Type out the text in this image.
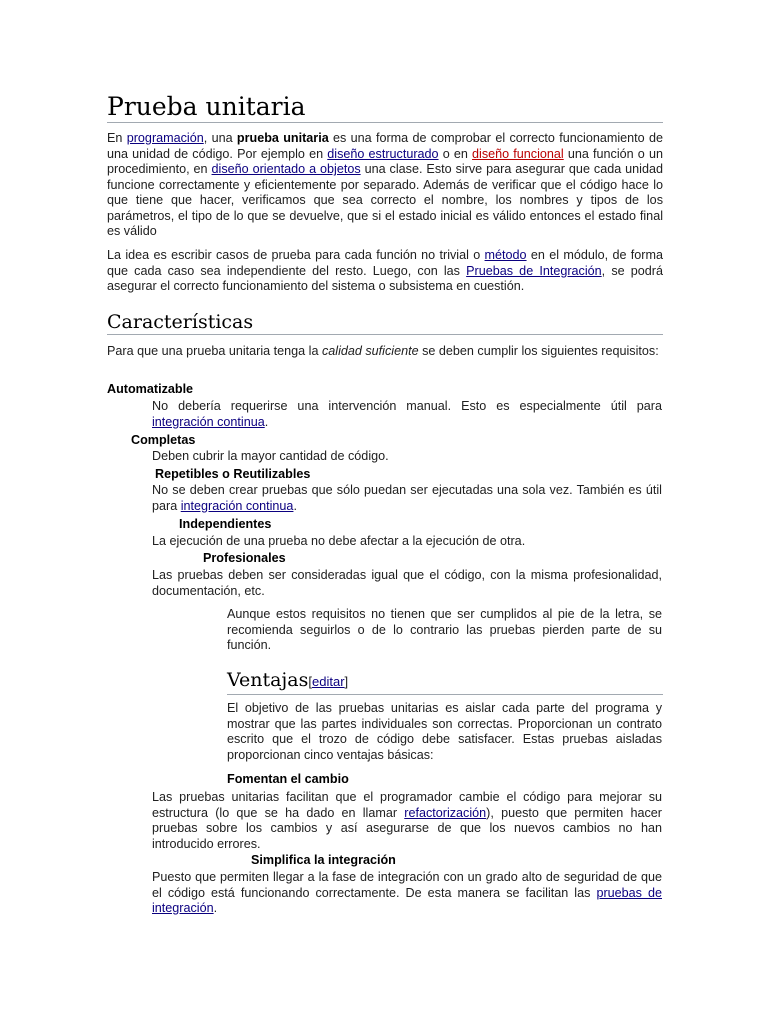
Prueba unitaria

En programación, una prueba unitaria es una forma de comprobar el correcto funcionamiento de una unidad de código. Por ejemplo en diseño estructurado o en diseño funcional una función o un procedimiento, en diseño orientado a objetos una clase. Esto sirve para asegurar que cada unidad funcione correctamente y eficientemente por separado. Además de verificar que el código hace lo que tiene que hacer, verificamos que sea correcto el nombre, los nombres y tipos de los parámetros, el tipo de lo que se devuelve, que si el estado inicial es válido entonces el estado final es válido

La idea es escribir casos de prueba para cada función no trivial o método en el módulo, de forma que cada caso sea independiente del resto. Luego, con las Pruebas de Integración, se podrá asegurar el correcto funcionamiento del sistema o subsistema en cuestión.

Características

Para que una prueba unitaria tenga la calidad suficiente se deben cumplir los siguientes requisitos:

Automatizable

No debería requerirse una intervención manual. Esto es especialmente útil para integración continua.

Completas

Deben cubrir la mayor cantidad de código.

Repetibles o Reutilizables

No se deben crear pruebas que sólo puedan ser ejecutadas una sola vez. También es útil para integración continua.

Independientes

La ejecución de una prueba no debe afectar a la ejecución de otra.

Profesionales

Las pruebas deben ser consideradas igual que el código, con la misma profesionalidad, documentación, etc.

Aunque estos requisitos no tienen que ser cumplidos al pie de la letra, se recomienda seguirlos o de lo contrario las pruebas pierden parte de su función.

Ventajas[editar]

El objetivo de las pruebas unitarias es aislar cada parte del programa y mostrar que las partes individuales son correctas. Proporcionan un contrato escrito que el trozo de código debe satisfacer. Estas pruebas aisladas proporcionan cinco ventajas básicas:

Fomentan el cambio

Las pruebas unitarias facilitan que el programador cambie el código para mejorar su estructura (lo que se ha dado en llamar refactorización), puesto que permiten hacer pruebas sobre los cambios y así asegurarse de que los nuevos cambios no han introducido errores.

Simplifica la integración

Puesto que permiten llegar a la fase de integración con un grado alto de seguridad de que el código está funcionando correctamente. De esta manera se facilitan las pruebas de integración.
